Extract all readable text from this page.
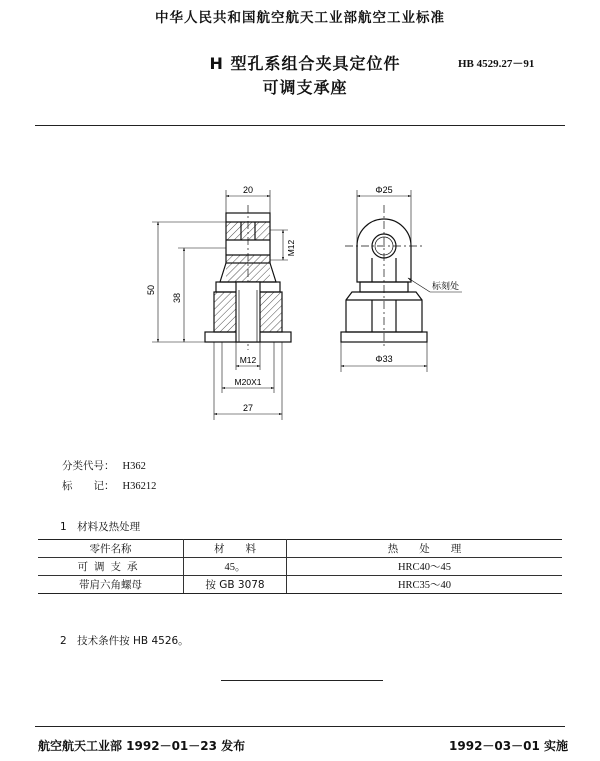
中华人民共和国航空航天工业部航空工业标准
H 型孔系组合夹具定位件
可调支承座
HB 4529.27－91
20
50
38
M12
M12
M20X1
27
Φ25
Φ33
标刻处
分类代号： H362
标　　记： H36212
1　材料及热处理
零件名称	材　　料	热　　处　　理
可调支承	45。	HRC40～45
带肩六角螺母	按 GB 3078	HRC35～40
2　技术条件按 HB 4526。
航空航天工业部 1992－01－23 发布	1992－03－01 实施
